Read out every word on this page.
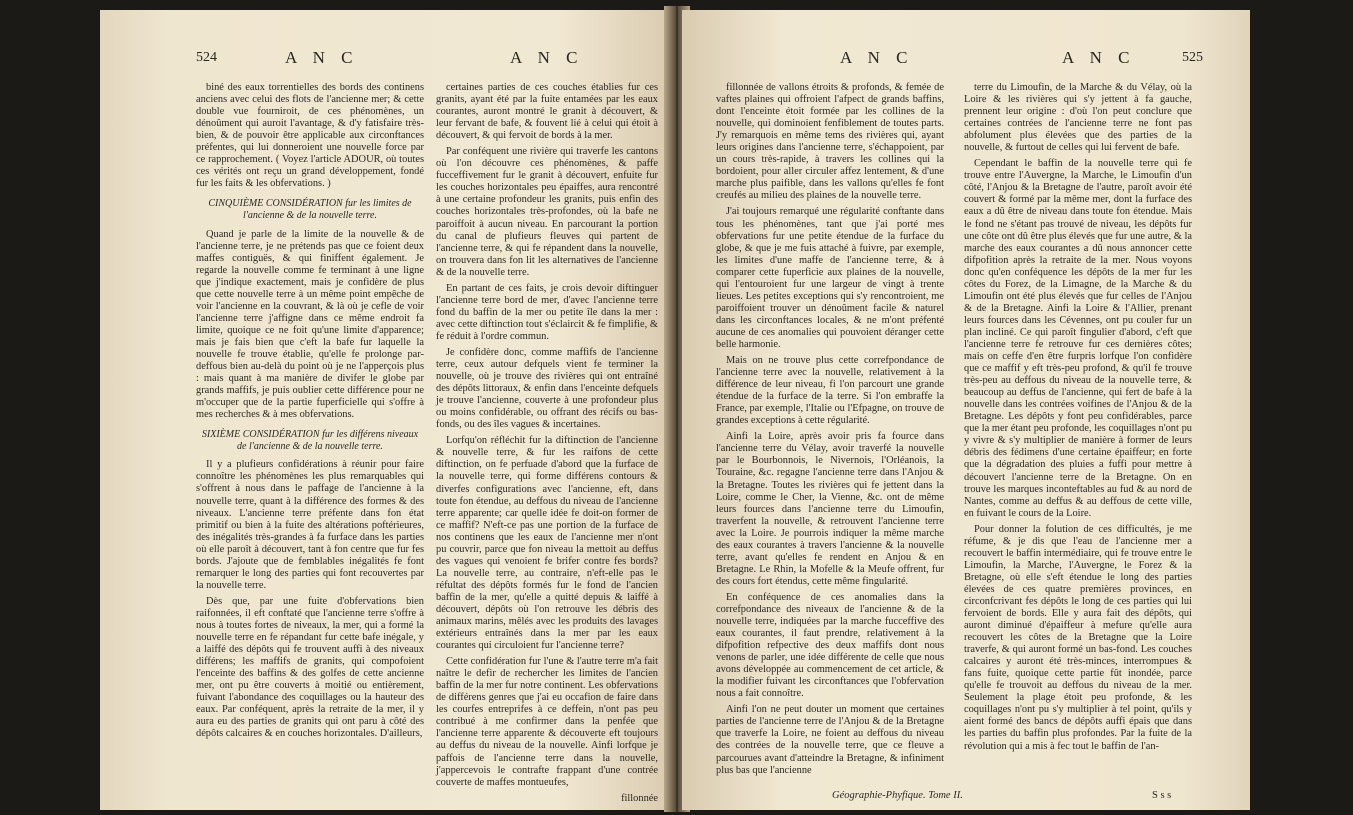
524	A N C	A N C

biné des eaux torrentielles des bords des continens anciens avec celui des flots de l'ancienne mer; & cette double vue fourniroit, de ces phénomènes, un dénoûment qui auroit l'avantage, & d'y fatisfaire très-bien, & de pouvoir être applicable aux circonftances préfentes, qui lui donneroient une nouvelle force par ce rapprochement. ( Voyez l'article ADOUR, où toutes ces vérités ont reçu un grand développement, fondé fur les faits & les obfervations. )

CINQUIÈME CONSIDÉRATION fur les limites de l'ancienne & de la nouvelle terre.

Quand je parle de la limite de la nouvelle & de l'ancienne terre, je ne prétends pas que ce foient deux maffes contiguës, & qui finiffent également. Je regarde la nouvelle comme fe terminant à une ligne que j'indique exactement, mais je confidère de plus que cette nouvelle terre à un même point empêche de voir l'ancienne en la couvrant, & là où je cefle de voir l'ancienne terre j'affigne dans ce même endroit fa limite, quoique ce ne foit qu'une limite d'apparence; mais je fais bien que c'eft la bafe fur laquelle la nouvelle fe trouve établie, qu'elle fe prolonge par-deffous bien au-delà du point où je ne l'apperçois plus : mais quant à ma manière de divifer le globe par grands maffifs, je puis oublier cette différence pour ne m'occuper que de la partie fuperficielle qui s'offre à mes recherches & à mes obfervations.

SIXIÈME CONSIDÉRATION fur les différens niveaux de l'ancienne & de la nouvelle terre.

Il y a plufieurs confidérations à réunir pour faire connoître les phénomènes les plus remarquables qui s'offrent à nous dans le paffage de l'ancienne à la nouvelle terre, quant à la différence des formes & des niveaux. L'ancienne terre préfente dans fon état primitif ou bien à la fuite des altérations poftérieures, des inégalités très-grandes à fa furface dans les parties où elle paroît à découvert, tant à fon centre que fur fes bords. J'ajoute que de femblables inégalités fe font remarquer le long des parties qui font recouvertes par la nouvelle terre.

Dès que, par une fuite d'obfervations bien raifonnées, il eft conftaté que l'ancienne terre s'offre à nous à toutes fortes de niveaux, la mer, qui a formé la nouvelle terre en fe répandant fur cette bafe inégale, y a laiffé des dépôts qui fe trouvent auffi à des niveaux différens; les maffifs de granits, qui compofoient l'enceinte des baffins & des golfes de cette ancienne mer, ont pu être couverts à moitié ou entièrement, fuivant l'abondance des coquillages ou la hauteur des eaux. Par conféquent, après la retraite de la mer, il y aura eu des parties de granits qui ont paru à côté des dépôts calcaires & en couches horizontales. D'ailleurs,

certaines parties de ces couches établies fur ces granits, ayant été par la fuite entamées par les eaux courantes, auront montré le granit à découvert, & leur fervant de bafe, & fouvent lié à celui qui étoit à découvert, & qui fervoit de bords à la mer.

Par conféquent une rivière qui traverfe les cantons où l'on découvre ces phénomènes, & paffe fucceffivement fur le granit à découvert, enfuite fur les couches horizontales peu épaiffes, aura rencontré à une certaine profondeur les granits, puis enfin des couches horizontales très-profondes, où la bafe ne paroiffoit à aucun niveau. En parcourant la portion du canal de plufieurs fleuves qui partent de l'ancienne terre, & qui fe répandent dans la nouvelle, on trouvera dans fon lit les alternatives de l'ancienne & de la nouvelle terre.

En partant de ces faits, je crois devoir diftinguer l'ancienne terre bord de mer, d'avec l'ancienne terre fond du baffin de la mer ou petite île dans la mer : avec cette diftinction tout s'éclaircit & fe fimplifie, & fe réduit à l'ordre commun.

Je confidère donc, comme maffifs de l'ancienne terre, ceux autour defquels vient fe terminer la nouvelle, où je trouve des rivières qui ont entraîné des dépôts littoraux, & enfin dans l'enceinte defquels je trouve l'ancienne, couverte à une profondeur plus ou moins confidérable, ou offrant des récifs ou bas-fonds, ou des îles vagues & incertaines.

Lorfqu'on réfléchit fur la diftinction de l'ancienne & nouvelle terre, & fur les raifons de cette diftinction, on fe perfuade d'abord que la furface de la nouvelle terre, qui forme différens contours & diverfes configurations avec l'ancienne, eft, dans toute fon étendue, au deffous du niveau de l'ancienne terre apparente; car quelle idée fe doit-on former de ce maffif? N'eft-ce pas une portion de la furface de nos continens que les eaux de l'ancienne mer n'ont pu couvrir, parce que fon niveau la mettoit au deffus des vagues qui venoient fe brifer contre fes bords? La nouvelle terre, au contraire, n'eft-elle pas le réfultat des dépôts formés fur le fond de l'ancien baffin de la mer, qu'elle a quitté depuis & laiffé à découvert, dépôts où l'on retrouve les débris des animaux marins, mêlés avec les produits des lavages extérieurs entraînés dans la mer par les eaux courantes qui circuloient fur l'ancienne terre?

Cette confidération fur l'une & l'autre terre m'a fait naître le defir de rechercher les limites de l'ancien baffin de la mer fur notre continent. Les obfervations de différens genres que j'ai eu occafion de faire dans les courfes entreprifes à ce deffein, n'ont pas peu contribué à me confirmer dans la penfée que l'ancienne terre apparente & découverte eft toujours au deffus du niveau de la nouvelle. Ainfi lorfque je paffois de l'ancienne terre dans la nouvelle, j'appercevois le contrafte frappant d'une contrée couverte de maffes montueufes,

fillonnée

A N C	A N C	525

fillonnée de vallons étroits & profonds, & femée de vaftes plaines qui offroient l'afpect de grands baffins, dont l'enceinte étoit formée par les collines de la nouvelle, qui dominoient fenfiblement de toutes parts. J'y remarquois en même tems des rivières qui, ayant leurs origines dans l'ancienne terre, s'échappoient, par un cours très-rapide, à travers les collines qui la bordoient, pour aller circuler affez lentement, & d'une marche plus paifible, dans les vallons qu'elles fe font creufés au milieu des plaines de la nouvelle terre.

J'ai toujours remarqué une régularité conftante dans tous les phénomènes, tant que j'ai porté mes obfervations fur une petite étendue de la furface du globe, & que je me fuis attaché à fuivre, par exemple, les limites d'une maffe de l'ancienne terre, & à comparer cette fuperficie aux plaines de la nouvelle, qui l'entouroient fur une largeur de vingt à trente lieues. Les petites exceptions qui s'y rencontroient, me paroiffoient trouver un dénoûment facile & naturel dans les circonftances locales, & ne m'ont préfenté aucune de ces anomalies qui pouvoient déranger cette belle harmonie.

Mais on ne trouve plus cette correfpondance de l'ancienne terre avec la nouvelle, relativement à la différence de leur niveau, fi l'on parcourt une grande étendue de la furface de la terre. Si l'on embraffe la France, par exemple, l'Italie ou l'Efpagne, on trouve de grandes exceptions à cette régularité.

Ainfi la Loire, après avoir pris fa fource dans l'ancienne terre du Vélay, avoir traverfé la nouvelle par le Bourbonnois, le Nivernois, l'Orléanois, la Touraine, &c. regagne l'ancienne terre dans l'Anjou & la Bretagne. Toutes les rivières qui fe jettent dans la Loire, comme le Cher, la Vienne, &c. ont de même leurs fources dans l'ancienne terre du Limoufin, traverfent la nouvelle, & retrouvent l'ancienne terre avec la Loire. Je pourrois indiquer la même marche des eaux courantes à travers l'ancienne & la nouvelle terre, avant qu'elles fe rendent en Anjou & en Bretagne. Le Rhin, la Mofelle & la Meufe offrent, fur des cours fort étendus, cette même fingularité.

En conféquence de ces anomalies dans la correfpondance des niveaux de l'ancienne & de la nouvelle terre, indiquées par la marche fucceffive des eaux courantes, il faut prendre, relativement à la difpofition refpective des deux maffifs dont nous venons de parler, une idée différente de celle que nous avons développée au commencement de cet article, & la modifier fuivant les circonftances que l'obfervation nous a fait connoître.

Ainfi l'on ne peut douter un moment que certaines parties de l'ancienne terre de l'Anjou & de la Bretagne que traverfe la Loire, ne foient au deffous du niveau des contrées de la nouvelle terre, que ce fleuve a parcourues avant d'atteindre la Bretagne, & infiniment plus bas que l'ancienne

terre du Limoufin, de la Marche & du Vélay, où la Loire & les rivières qui s'y jettent à fa gauche, prennent leur origine : d'où l'on peut conclure que certaines contrées de l'ancienne terre ne font pas abfolument plus élevées que des parties de la nouvelle, & furtout de celles qui lui fervent de bafe.

Cependant le baffin de la nouvelle terre qui fe trouve entre l'Auvergne, la Marche, le Limoufin d'un côté, l'Anjou & la Bretagne de l'autre, paroît avoir été couvert & formé par la même mer, dont la furface des eaux a dû être de niveau dans toute fon étendue. Mais le fond ne s'étant pas trouvé de niveau, les dépôts fur une côte ont dû être plus élevés que fur une autre, & la marche des eaux courantes a dû nous annoncer cette difpofition après la retraite de la mer. Nous voyons donc qu'en conféquence les dépôts de la mer fur les côtes du Forez, de la Limagne, de la Marche & du Limoufin ont été plus élevés que fur celles de l'Anjou & de la Bretagne. Ainfi la Loire & l'Allier, prenant leurs fources dans les Cévennes, ont pu couler fur un plan incliné. Ce qui paroît fingulier d'abord, c'eft que l'ancienne terre fe retrouve fur ces dernières côtes; mais on ceffe d'en être furpris lorfque l'on confidère que ce maffif y eft très-peu profond, & qu'il fe trouve très-peu au deffous du niveau de la nouvelle terre, & beaucoup au deffus de l'ancienne, qui fert de bafe à la nouvelle dans les contrées voifines de l'Anjou & de la Bretagne. Les dépôts y font peu confidérables, parce que la mer étant peu profonde, les coquillages n'ont pu y vivre & s'y multiplier de manière à former de leurs débris des fédimens d'une certaine épaiffeur; en forte que la dégradation des pluies a fuffi pour mettre à découvert l'ancienne terre de la Bretagne. On en trouve les marques inconteftables au fud & au nord de Nantes, comme au deffus & au deffous de cette ville, en fuivant le cours de la Loire.

Pour donner la folution de ces difficultés, je me réfume, & je dis que l'eau de l'ancienne mer a recouvert le baffin intermédiaire, qui fe trouve entre le Limoufin, la Marche, l'Auvergne, le Forez & la Bretagne, où elle s'eft étendue le long des parties élevées de ces quatre premières provinces, en circonfcrivant fes dépôts le long de ces parties qui lui fervoient de bords. Elle y aura fait des dépôts, qui auront diminué d'épaiffeur à mefure qu'elle aura recouvert les côtes de la Bretagne que la Loire traverfe, & qui auront formé un bas-fond. Les couches calcaires y auront été très-minces, interrompues & fans fuite, quoique cette partie fût inondée, parce qu'elle fe trouvoit au deffous du niveau de la mer. Seulement la plage étoit peu profonde, & les coquillages n'ont pu s'y multiplier à tel point, qu'ils y aient formé des bancs de dépôts auffi épais que dans les parties du baffin plus profondes. Par la fuite de la révolution qui a mis à fec tout le baffin de l'an-

Géographie-Phyfique. Tome II.	S s s
